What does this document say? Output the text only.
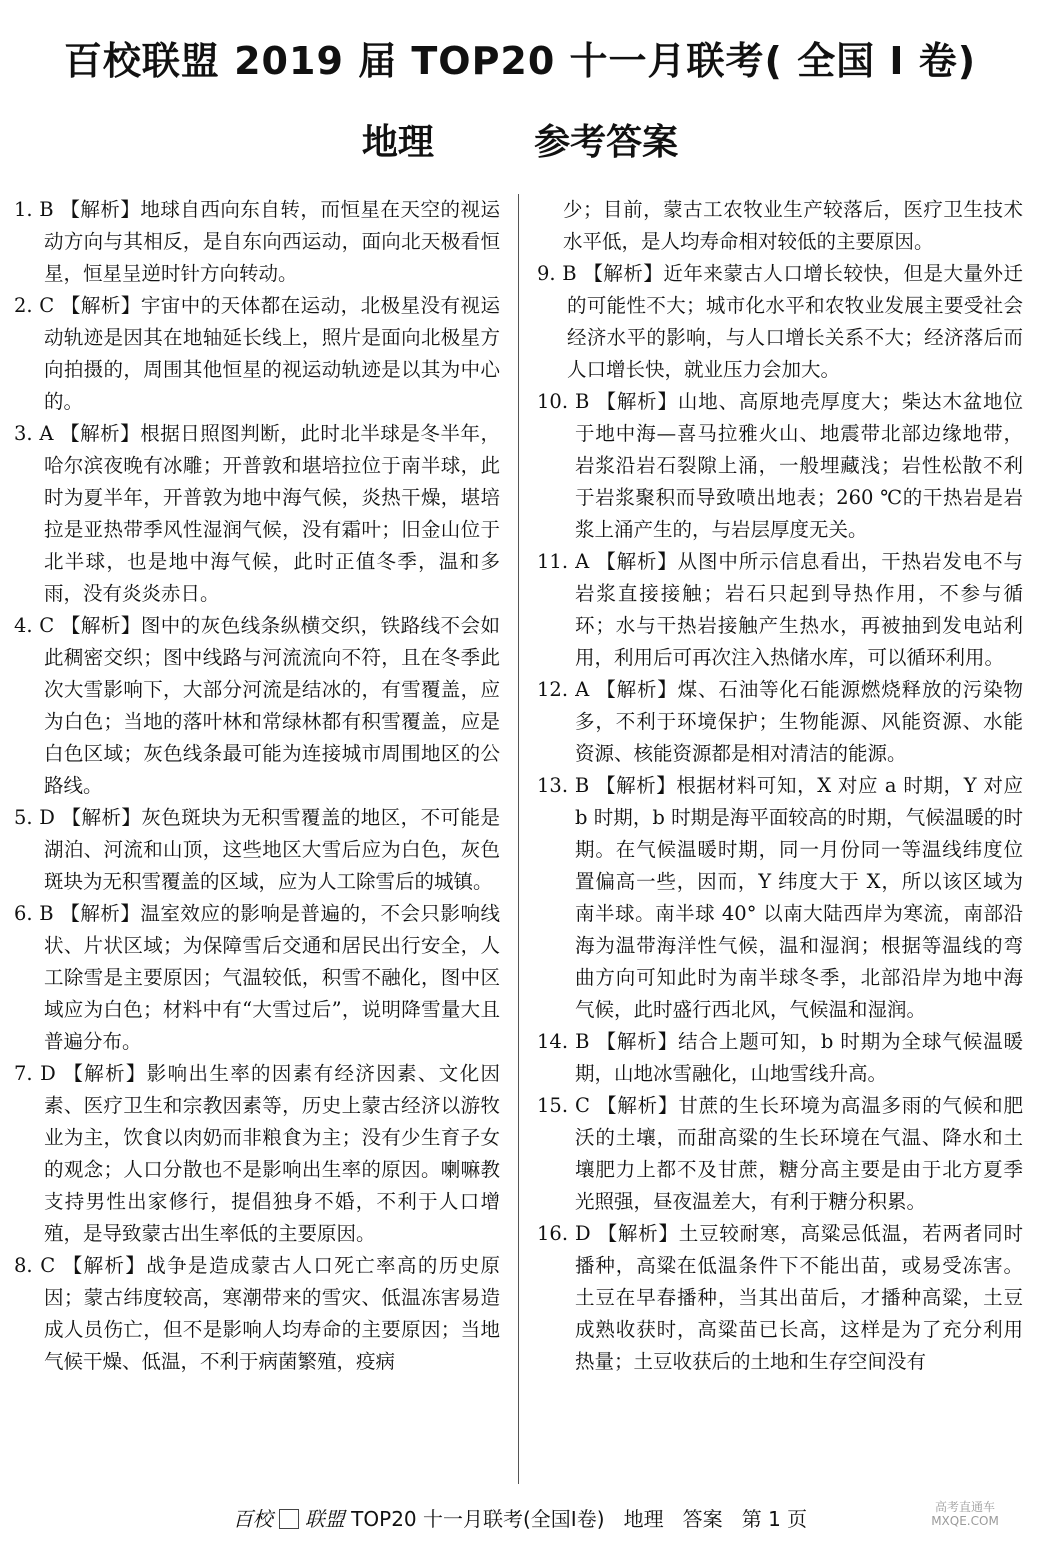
百校联盟 2019 届 TOP20 十一月联考( 全国 Ⅰ 卷)
地理        参考答案

1. B 【解析】地球自西向东自转，而恒星在天空的视运动方向与其相反，是自东向西运动，面向北天极看恒星，恒星呈逆时针方向转动。

2. C 【解析】宇宙中的天体都在运动，北极星没有视运动轨迹是因其在地轴延长线上，照片是面向北极星方向拍摄的，周围其他恒星的视运动轨迹是以其为中心的。

3. A 【解析】根据日照图判断，此时北半球是冬半年，哈尔滨夜晚有冰雕；开普敦和堪培拉位于南半球，此时为夏半年，开普敦为地中海气候，炎热干燥，堪培拉是亚热带季风性湿润气候，没有霜叶；旧金山位于北半球，也是地中海气候，此时正值冬季，温和多雨，没有炎炎赤日。

4. C 【解析】图中的灰色线条纵横交织，铁路线不会如此稠密交织；图中线路与河流流向不符，且在冬季此次大雪影响下，大部分河流是结冰的，有雪覆盖，应为白色；当地的落叶林和常绿林都有积雪覆盖，应是白色区域；灰色线条最可能为连接城市周围地区的公路线。

5. D 【解析】灰色斑块为无积雪覆盖的地区，不可能是湖泊、河流和山顶，这些地区大雪后应为白色，灰色斑块为无积雪覆盖的区域，应为人工除雪后的城镇。

6. B 【解析】温室效应的影响是普遍的，不会只影响线状、片状区域；为保障雪后交通和居民出行安全，人工除雪是主要原因；气温较低，积雪不融化，图中区域应为白色；材料中有“大雪过后”，说明降雪量大且普遍分布。

7. D 【解析】影响出生率的因素有经济因素、文化因素、医疗卫生和宗教因素等，历史上蒙古经济以游牧业为主，饮食以肉奶而非粮食为主；没有少生育子女的观念；人口分散也不是影响出生率的原因。喇嘛教支持男性出家修行，提倡独身不婚，不利于人口增殖，是导致蒙古出生率低的主要原因。

8. C 【解析】战争是造成蒙古人口死亡率高的历史原因；蒙古纬度较高，寒潮带来的雪灾、低温冻害易造成人员伤亡，但不是影响人均寿命的主要原因；当地气候干燥、低温，不利于病菌繁殖，疫病

少；目前，蒙古工农牧业生产较落后，医疗卫生技术水平低，是人均寿命相对较低的主要原因。

9. B 【解析】近年来蒙古人口增长较快，但是大量外迁的可能性不大；城市化水平和农牧业发展主要受社会经济水平的影响，与人口增长关系不大；经济落后而人口增长快，就业压力会加大。

10. B 【解析】山地、高原地壳厚度大；柴达木盆地位于地中海—喜马拉雅火山、地震带北部边缘地带，岩浆沿岩石裂隙上涌，一般埋藏浅；岩性松散不利于岩浆聚积而导致喷出地表；260 ℃的干热岩是岩浆上涌产生的，与岩层厚度无关。

11. A 【解析】从图中所示信息看出，干热岩发电不与岩浆直接接触；岩石只起到导热作用，不参与循环；水与干热岩接触产生热水，再被抽到发电站利用，利用后可再次注入热储水库，可以循环利用。

12. A 【解析】煤、石油等化石能源燃烧释放的污染物多，不利于环境保护；生物能源、风能资源、水能资源、核能资源都是相对清洁的能源。

13. B 【解析】根据材料可知，X 对应 a 时期，Y 对应 b 时期，b 时期是海平面较高的时期，气候温暖的时期。在气候温暖时期，同一月份同一等温线纬度位置偏高一些，因而，Y 纬度大于 X，所以该区域为南半球。南半球 40° 以南大陆西岸为寒流，南部沿海为温带海洋性气候，温和湿润；根据等温线的弯曲方向可知此时为南半球冬季，北部沿岸为地中海气候，此时盛行西北风，气候温和湿润。

14. B 【解析】结合上题可知，b 时期为全球气候温暖期，山地冰雪融化，山地雪线升高。

15. C 【解析】甘蔗的生长环境为高温多雨的气候和肥沃的土壤，而甜高粱的生长环境在气温、降水和土壤肥力上都不及甘蔗，糖分高主要是由于北方夏季光照强，昼夜温差大，有利于糖分积累。

16. D 【解析】土豆较耐寒，高粱忌低温，若两者同时播种，高粱在低温条件下不能出苗，或易受冻害。土豆在早春播种，当其出苗后，才播种高粱，土豆成熟收获时，高粱苗已长高，这样是为了充分利用热量；土豆收获后的土地和生存空间没有

百校 联盟 TOP20 十一月联考(全国Ⅰ卷)   地理   答案   第 1 页	高考直通车
MXQE.COM
